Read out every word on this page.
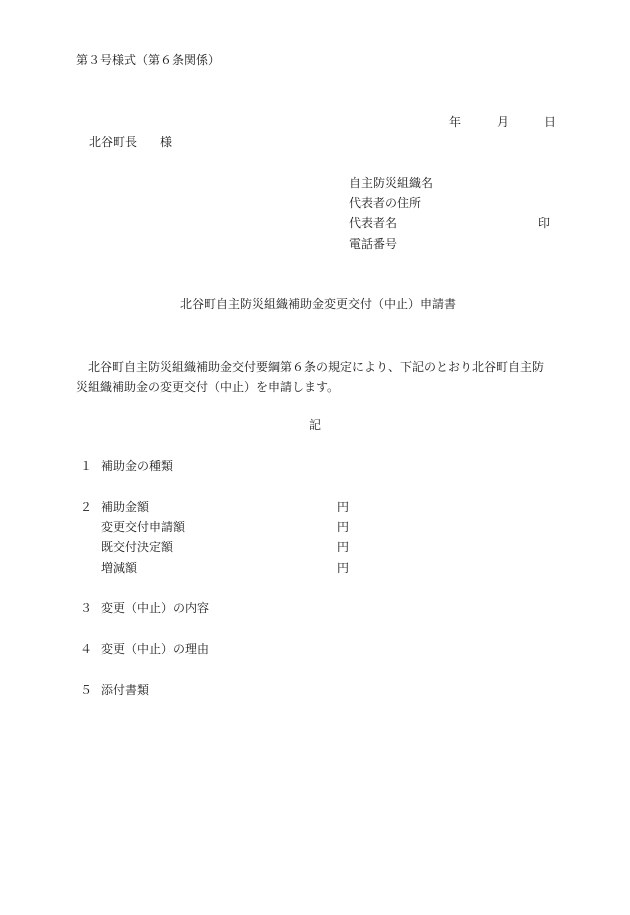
第３号様式（第６条関係）
年	月	日
北谷町長 様
自主防災組織名
代表者の住所
代表者名	印
電話番号
北谷町自主防災組織補助金変更交付（中止）申請書
北谷町自主防災組織補助金交付要綱第６条の規定により、下記のとおり北谷町自主防災組織補助金の変更交付（中止）を申請します。
記
１ 補助金の種類
２ 補助金額	円
変更交付申請額	円
既交付決定額	円
増減額	円
３ 変更（中止）の内容
４ 変更（中止）の理由
５ 添付書類
